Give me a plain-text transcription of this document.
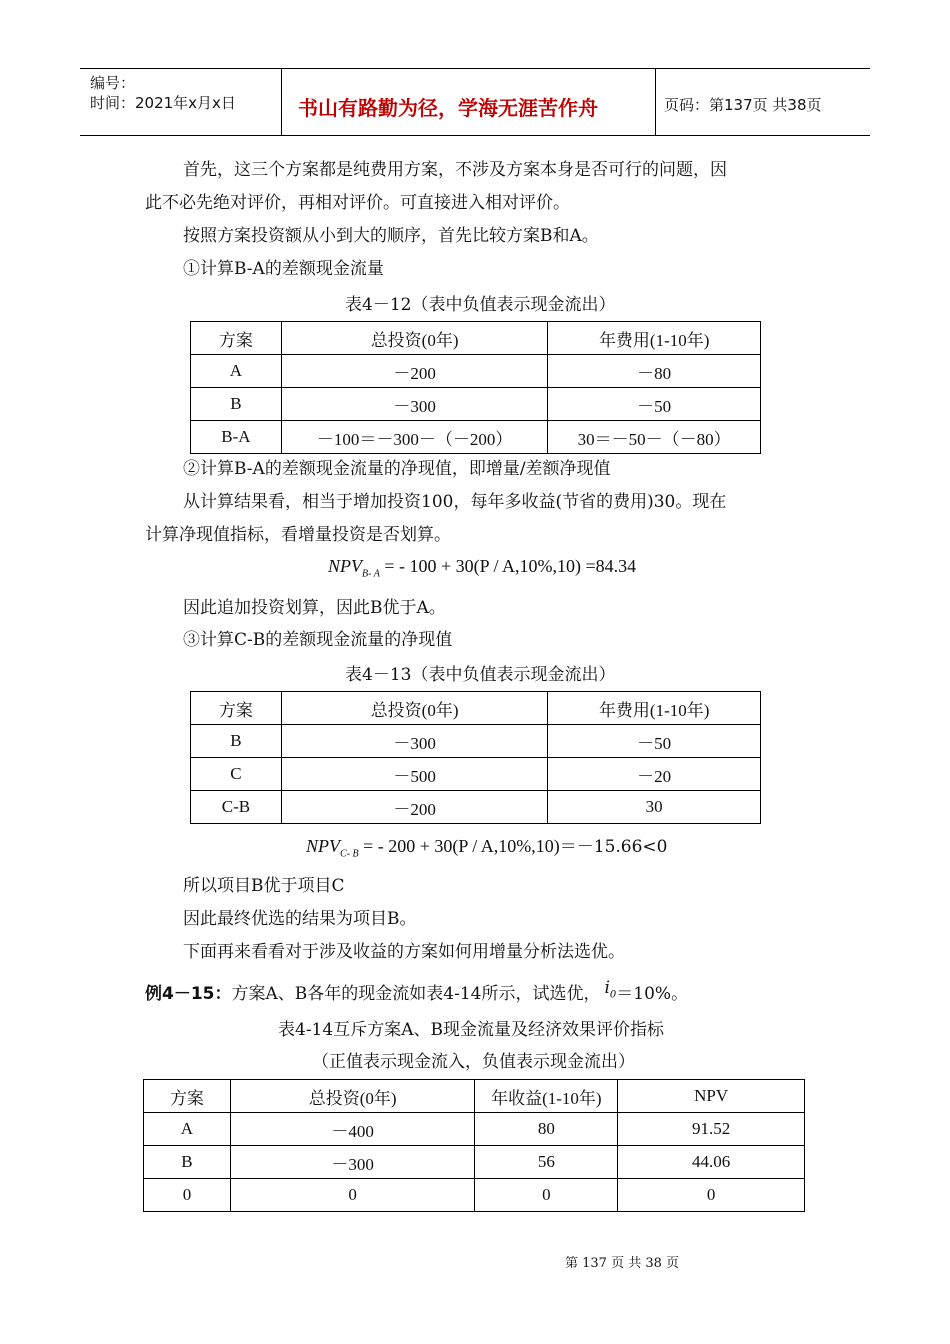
编号：
时间：2021年x月x日	书山有路勤为径，学海无涯苦作舟	页码：第137页 共38页
首先，这三个方案都是纯费用方案，不涉及方案本身是否可行的问题，因
此不必先绝对评价，再相对评价。可直接进入相对评价。
按照方案投资额从小到大的顺序，首先比较方案B和A。
①计算B-A的差额现金流量
表4－12（表中负值表示现金流出）
方案	总投资(0年)	年费用(1-10年)
A	－200	－80
B	－300	－50
B-A	－100＝－300－（－200）	30＝－50－（－80）
②计算B-A的差额现金流量的净现值，即增量/差额净现值
从计算结果看，相当于增加投资100，每年多收益(节省的费用)30。现在
计算净现值指标，看增量投资是否划算。
$NPV_{B- A}$ = - 100 + 30(P / A,10%,10) =84.34
因此追加投资划算，因此B优于A。
③计算C-B的差额现金流量的净现值
表4－13（表中负值表示现金流出）
方案	总投资(0年)	年费用(1-10年)
B	－300	－50
C	－500	－20
C-B	－200	30
$NPV_{C- B}$ = - 200 + 30(P / A,10%,10)＝－15.66<0
所以项目B优于项目C
因此最终优选的结果为项目B。
下面再来看看对于涉及收益的方案如何用增量分析法选优。
例4－15：方案A、B各年的现金流如表4-14所示，试选优， $i_0=10\%$。
表4-14互斥方案A、B现金流量及经济效果评价指标
（正值表示现金流入，负值表示现金流出）
方案	总投资(0年)	年收益(1-10年)	NPV
A	－400	80	91.52
B	－300	56	44.06
0	0	0	0
第 137 页 共 38 页
